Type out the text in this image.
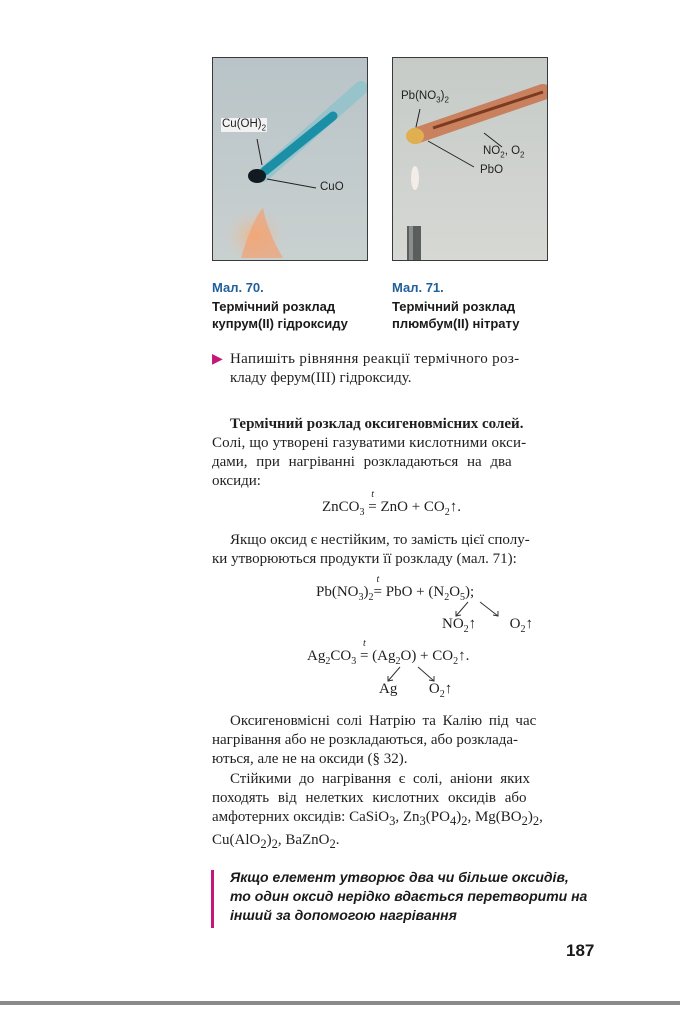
$Cu(OH)_2$
CuO
$Pb(NO_3)_2$
$NO_2$, $O_2$
PbO
Мал. 70.
Термічний розклад
купрум(ІІ) гідроксиду
Мал. 71.
Термічний розклад
плюмбум(ІІ) нітрату
▶ Напишіть рівняння реакції термічного роз-
кладу ферум(ІІІ) гідроксиду.
Термічний розклад оксигеновмісних солей.
Солі, що утворені газуватими кислотними окси-
дами, при нагріванні розкладаються на два
оксиди:
ZnCO$_3$
t
= ZnO + $CO_2↑$.
Якщо оксид є нестійким, то замість цієї сполу-
ки утворюються продукти її розкладу (мал. 71):
$Pb(NO_3)_2$
t
= PbO + $(N_2O_5)$;
$NO_2↑$ $O_2↑$
$Ag_2CO_3$
t
= $(Ag_2O)$ + $CO_2↑$.
Ag $O_2↑$
Оксигеновмісні солі Натрію та Калію під час
нагрівання або не розкладаються, або розклада-
ються, але не на оксиди (§ 32).
Стійкими до нагрівання є солі, аніони яких
походять від нелетких кислотних оксидів або
амфотерних оксидів: CaSiO$_3$, $Zn_3(PO_4)_2$, $Mg(BO_2)_2$,
$Cu(AlO_2)_2$, BaZnO$_2$.
Якщо елемент утворює два чи більше оксидів,
то один оксид нерідко вдається перетворити на
інший за допомогою нагрівання
187
